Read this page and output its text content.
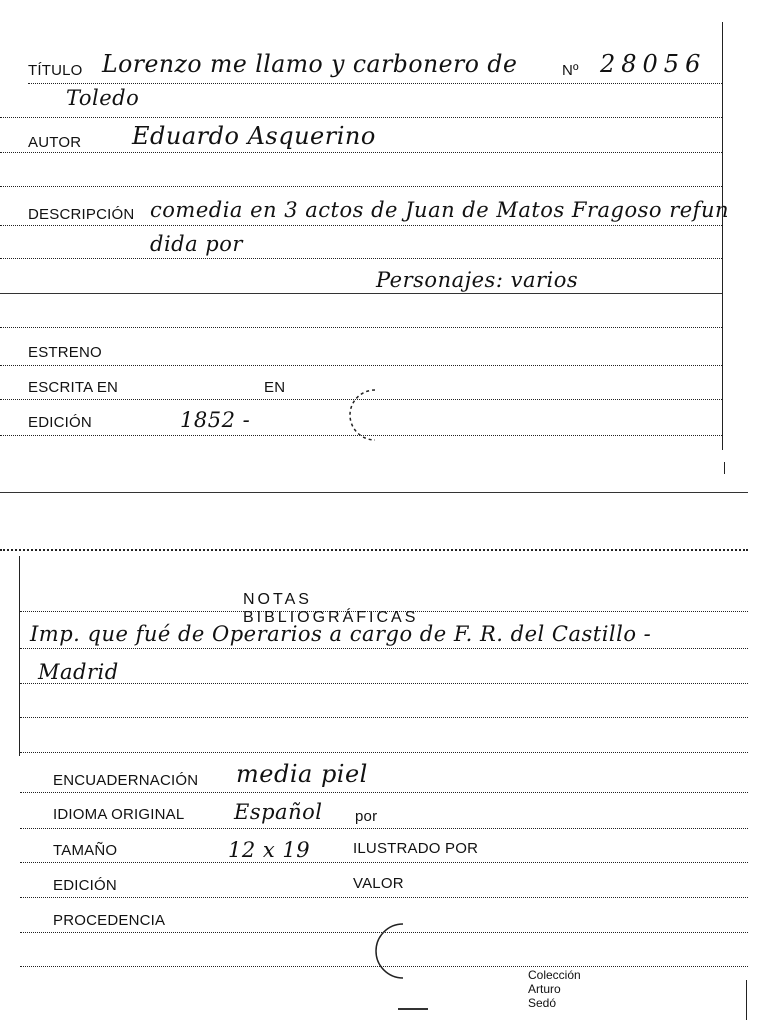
TÍTULO Lorenzo me llamo y carbonero de	Nº 28056
Toledo
AUTOR Eduardo Asquerino
DESCRIPCIÓN comedia en 3 actos de Juan de Matos Fragoso refun
dida por
Personajes: varios
ESTRENO
ESCRITA EN	EN
EDICIÓN	1852 -
NOTAS BIBLIOGRÁFICAS
Imp. que fué de Operarios a cargo de F. R. del Castillo -
Madrid
ENCUADERNACIÓN media piel
IDIOMA ORIGINAL Español por
TAMAÑO	12 x 19	ILUSTRADO POR
EDICIÓN	VALOR
PROCEDENCIA
Colección Arturo Sedó
